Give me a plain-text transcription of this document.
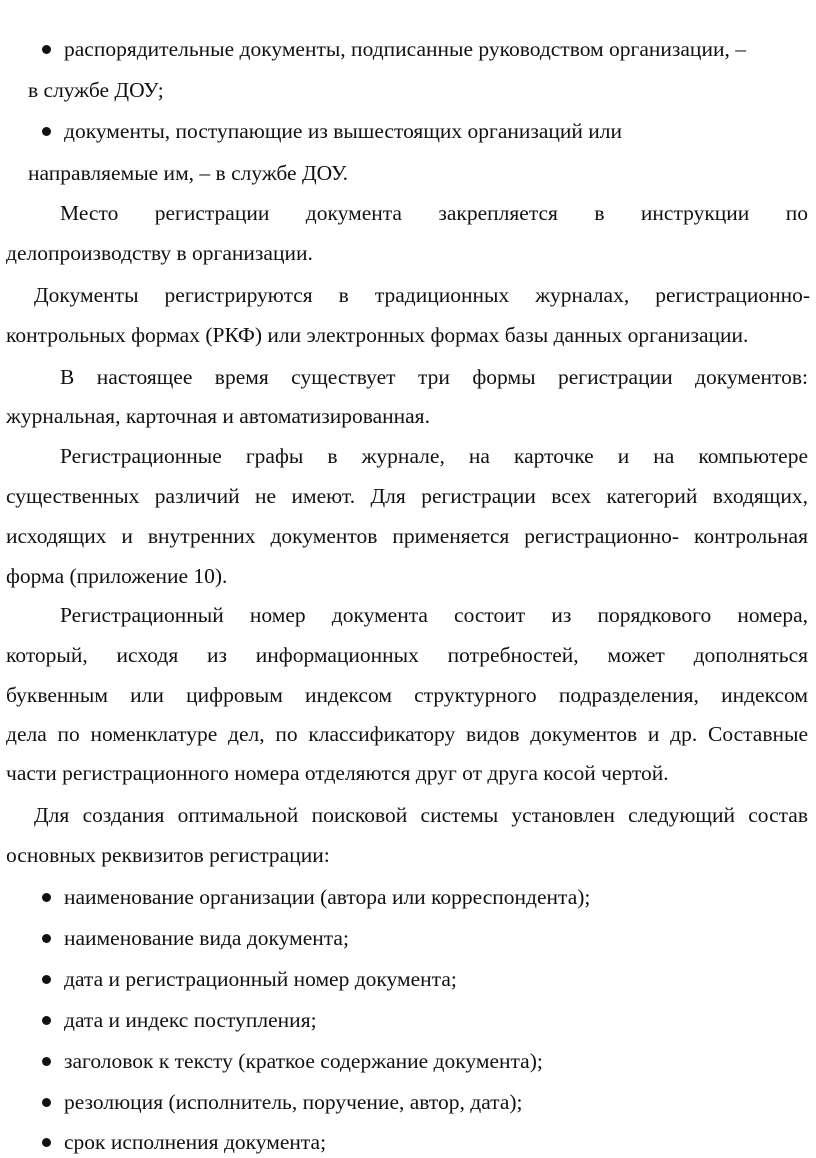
распорядительные документы, подписанные руководством организации, –
в службе ДОУ;
документы, поступающие из вышестоящих организаций или
направляемые им, – в службе ДОУ.
Место регистрации документа закрепляется в инструкции по
делопроизводству в организации.
Документы регистрируются в традиционных журналах, регистрационно-
контрольных формах (РКФ) или электронных формах базы данных организации.
В настоящее время существует три формы регистрации документов:
журнальная, карточная и автоматизированная.
Регистрационные графы в журнале, на карточке и на компьютере
существенных различий не имеют. Для регистрации всех категорий входящих,
исходящих и внутренних документов применяется регистрационно- контрольная
форма (приложение 10).
Регистрационный номер документа состоит из порядкового номера,
который, исходя из информационных потребностей, может дополняться
буквенным или цифровым индексом структурного подразделения, индексом
дела по номенклатуре дел, по классификатору видов документов и др. Составные
части регистрационного номера отделяются друг от друга косой чертой.
Для создания оптимальной поисковой системы установлен следующий состав
основных реквизитов регистрации:
наименование организации (автора или корреспондента);
наименование вида документа;
дата и регистрационный номер документа;
дата и индекс поступления;
заголовок к тексту (краткое содержание документа);
резолюция (исполнитель, поручение, автор, дата);
срок исполнения документа;
